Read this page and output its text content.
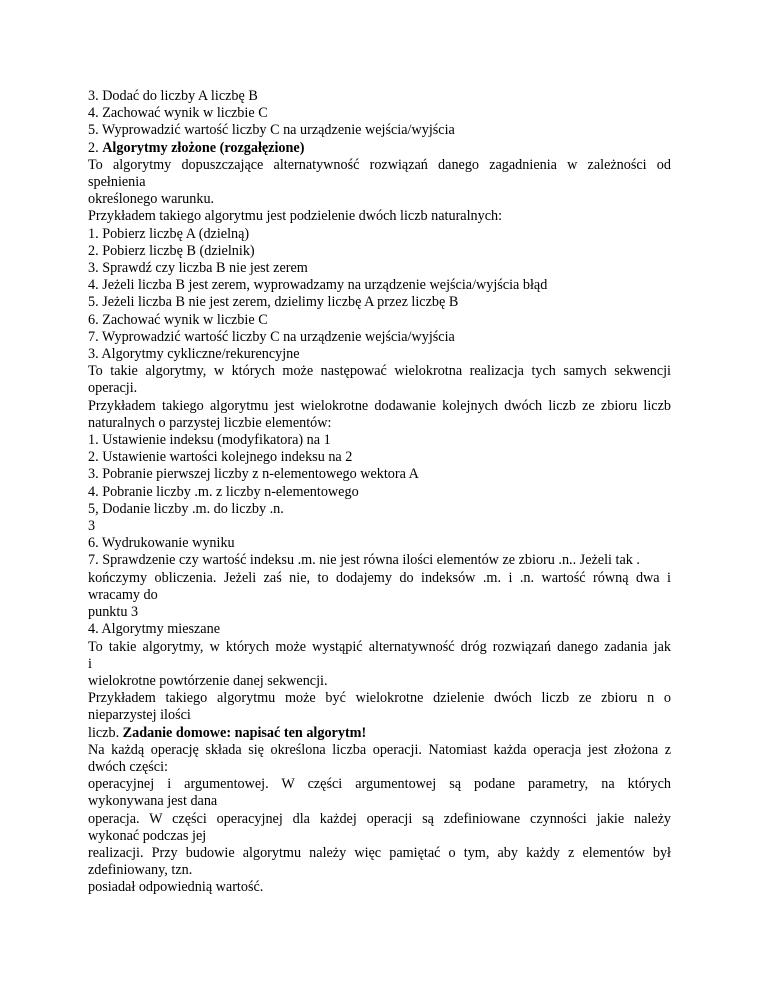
3. Dodać do liczby A liczbę B

4. Zachować wynik w liczbie C

5. Wyprowadzić wartość liczby C na urządzenie wejścia/wyjścia

2. Algorytmy złożone (rozgałęzione)

To algorytmy dopuszczające alternatywność rozwiązań danego zagadnienia w zależności od

spełnienia

określonego warunku.

Przykładem takiego algorytmu jest podzielenie dwóch liczb naturalnych:

1. Pobierz liczbę A (dzielną)

2. Pobierz liczbę B (dzielnik)

3. Sprawdź czy liczba B nie jest zerem

4. Jeżeli liczba B jest zerem, wyprowadzamy na urządzenie wejścia/wyjścia błąd

5. Jeżeli liczba B nie jest zerem, dzielimy liczbę A przez liczbę B

6. Zachować wynik w liczbie C

7. Wyprowadzić wartość liczby C na urządzenie wejścia/wyjścia

3. Algorytmy cykliczne/rekurencyjne

To takie algorytmy, w których może następować wielokrotna realizacja tych samych sekwencji

operacji.

Przykładem takiego algorytmu jest wielokrotne dodawanie kolejnych dwóch liczb ze zbioru liczb

naturalnych o parzystej liczbie elementów:

1. Ustawienie indeksu (modyfikatora) na 1

2. Ustawienie wartości kolejnego indeksu na 2

3. Pobranie pierwszej liczby z n-elementowego wektora A

4. Pobranie liczby .m. z liczby n-elementowego

5, Dodanie liczby .m. do liczby .n.

3

6. Wydrukowanie wyniku

7. Sprawdzenie czy wartość indeksu .m. nie jest równa ilości elementów ze zbioru .n.. Jeżeli tak .

kończymy obliczenia. Jeżeli zaś nie, to dodajemy do indeksów .m. i .n. wartość równą dwa i

wracamy do

punktu 3

4. Algorytmy mieszane

To takie algorytmy, w których może wystąpić alternatywność dróg rozwiązań danego zadania jak

i

wielokrotne powtórzenie danej sekwencji.

Przykładem takiego algorytmu może być wielokrotne dzielenie dwóch liczb ze zbioru n o

nieparzystej ilości

liczb. Zadanie domowe: napisać ten algorytm!

Na każdą operację składa się określona liczba operacji. Natomiast każda operacja jest złożona z

dwóch części:

operacyjnej i argumentowej. W części argumentowej są podane parametry, na których

wykonywana jest dana

operacja. W części operacyjnej dla każdej operacji są zdefiniowane czynności jakie należy

wykonać podczas jej

realizacji. Przy budowie algorytmu należy więc pamiętać o tym, aby każdy z elementów był

zdefiniowany, tzn.

posiadał odpowiednią wartość.
